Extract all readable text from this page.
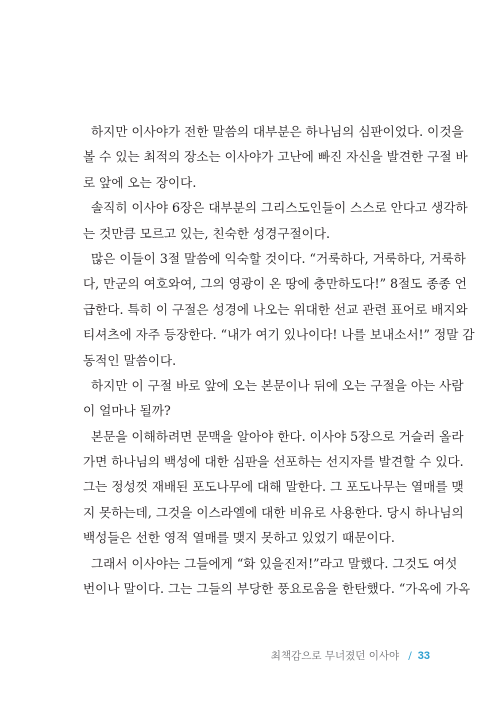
하지만 이사야가 전한 말씀의 대부분은 하나님의 심판이었다. 이것을
볼 수 있는 최적의 장소는 이사야가 고난에 빠진 자신을 발견한 구절 바
로 앞에 오는 장이다.
솔직히 이사야 6장은 대부분의 그리스도인들이 스스로 안다고 생각하
는 것만큼 모르고 있는, 친숙한 성경구절이다.
많은 이들이 3절 말씀에 익숙할 것이다. “거룩하다, 거룩하다, 거룩하
다, 만군의 여호와여, 그의 영광이 온 땅에 충만하도다!” 8절도 종종 언
급한다. 특히 이 구절은 성경에 나오는 위대한 선교 관련 표어로 배지와
티셔츠에 자주 등장한다. “내가 여기 있나이다! 나를 보내소서!” 정말 감
동적인 말씀이다.
하지만 이 구절 바로 앞에 오는 본문이나 뒤에 오는 구절을 아는 사람
이 얼마나 될까?
본문을 이해하려면 문맥을 알아야 한다. 이사야 5장으로 거슬러 올라
가면 하나님의 백성에 대한 심판을 선포하는 선지자를 발견할 수 있다.
그는 정성껏 재배된 포도나무에 대해 말한다. 그 포도나무는 열매를 맺
지 못하는데, 그것을 이스라엘에 대한 비유로 사용한다. 당시 하나님의
백성들은 선한 영적 열매를 맺지 못하고 있었기 때문이다.
그래서 이사야는 그들에게 “화 있을진저!”라고 말했다. 그것도 여섯
번이나 말이다. 그는 그들의 부당한 풍요로움을 한탄했다. “가옥에 가옥
최책감으로 무너졌던 이사야 / 33
